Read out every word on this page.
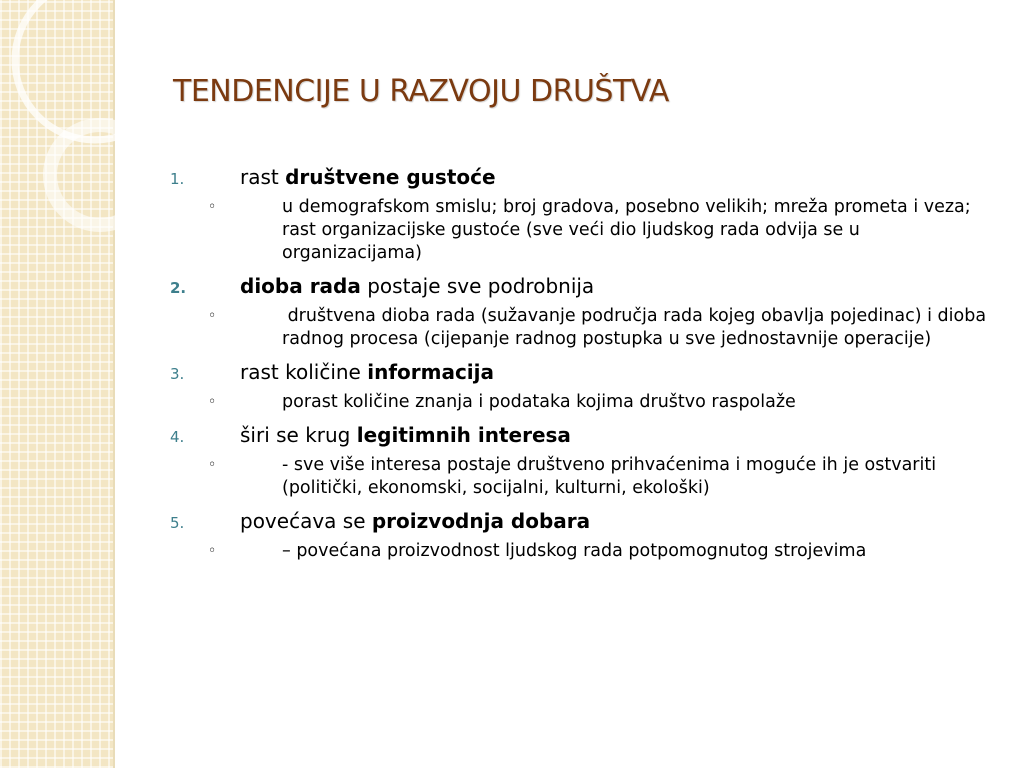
TENDENCIJE U RAZVOJU DRUŠTVA
1.	rast društvene gustoće
◦	u demografskom smislu; broj gradova, posebno velikih; mreža prometa i veza; rast organizacijske gustoće (sve veći dio ljudskog rada odvija se u organizacijama)
2.	dioba rada postaje sve podrobnija
◦	društvena dioba rada (sužavanje područja rada kojeg obavlja pojedinac) i dioba radnog procesa (cijepanje radnog postupka u sve jednostavnije operacije)
3.	rast količine informacija
◦	porast količine znanja i podataka kojima društvo raspolaže
4.	širi se krug legitimnih interesa
◦	- sve više interesa postaje društveno prihvaćenima i moguće ih je ostvariti (politički, ekonomski, socijalni, kulturni, ekološki)
5.	povećava se proizvodnja dobara
◦	– povećana proizvodnost ljudskog rada potpomognutog strojevima
